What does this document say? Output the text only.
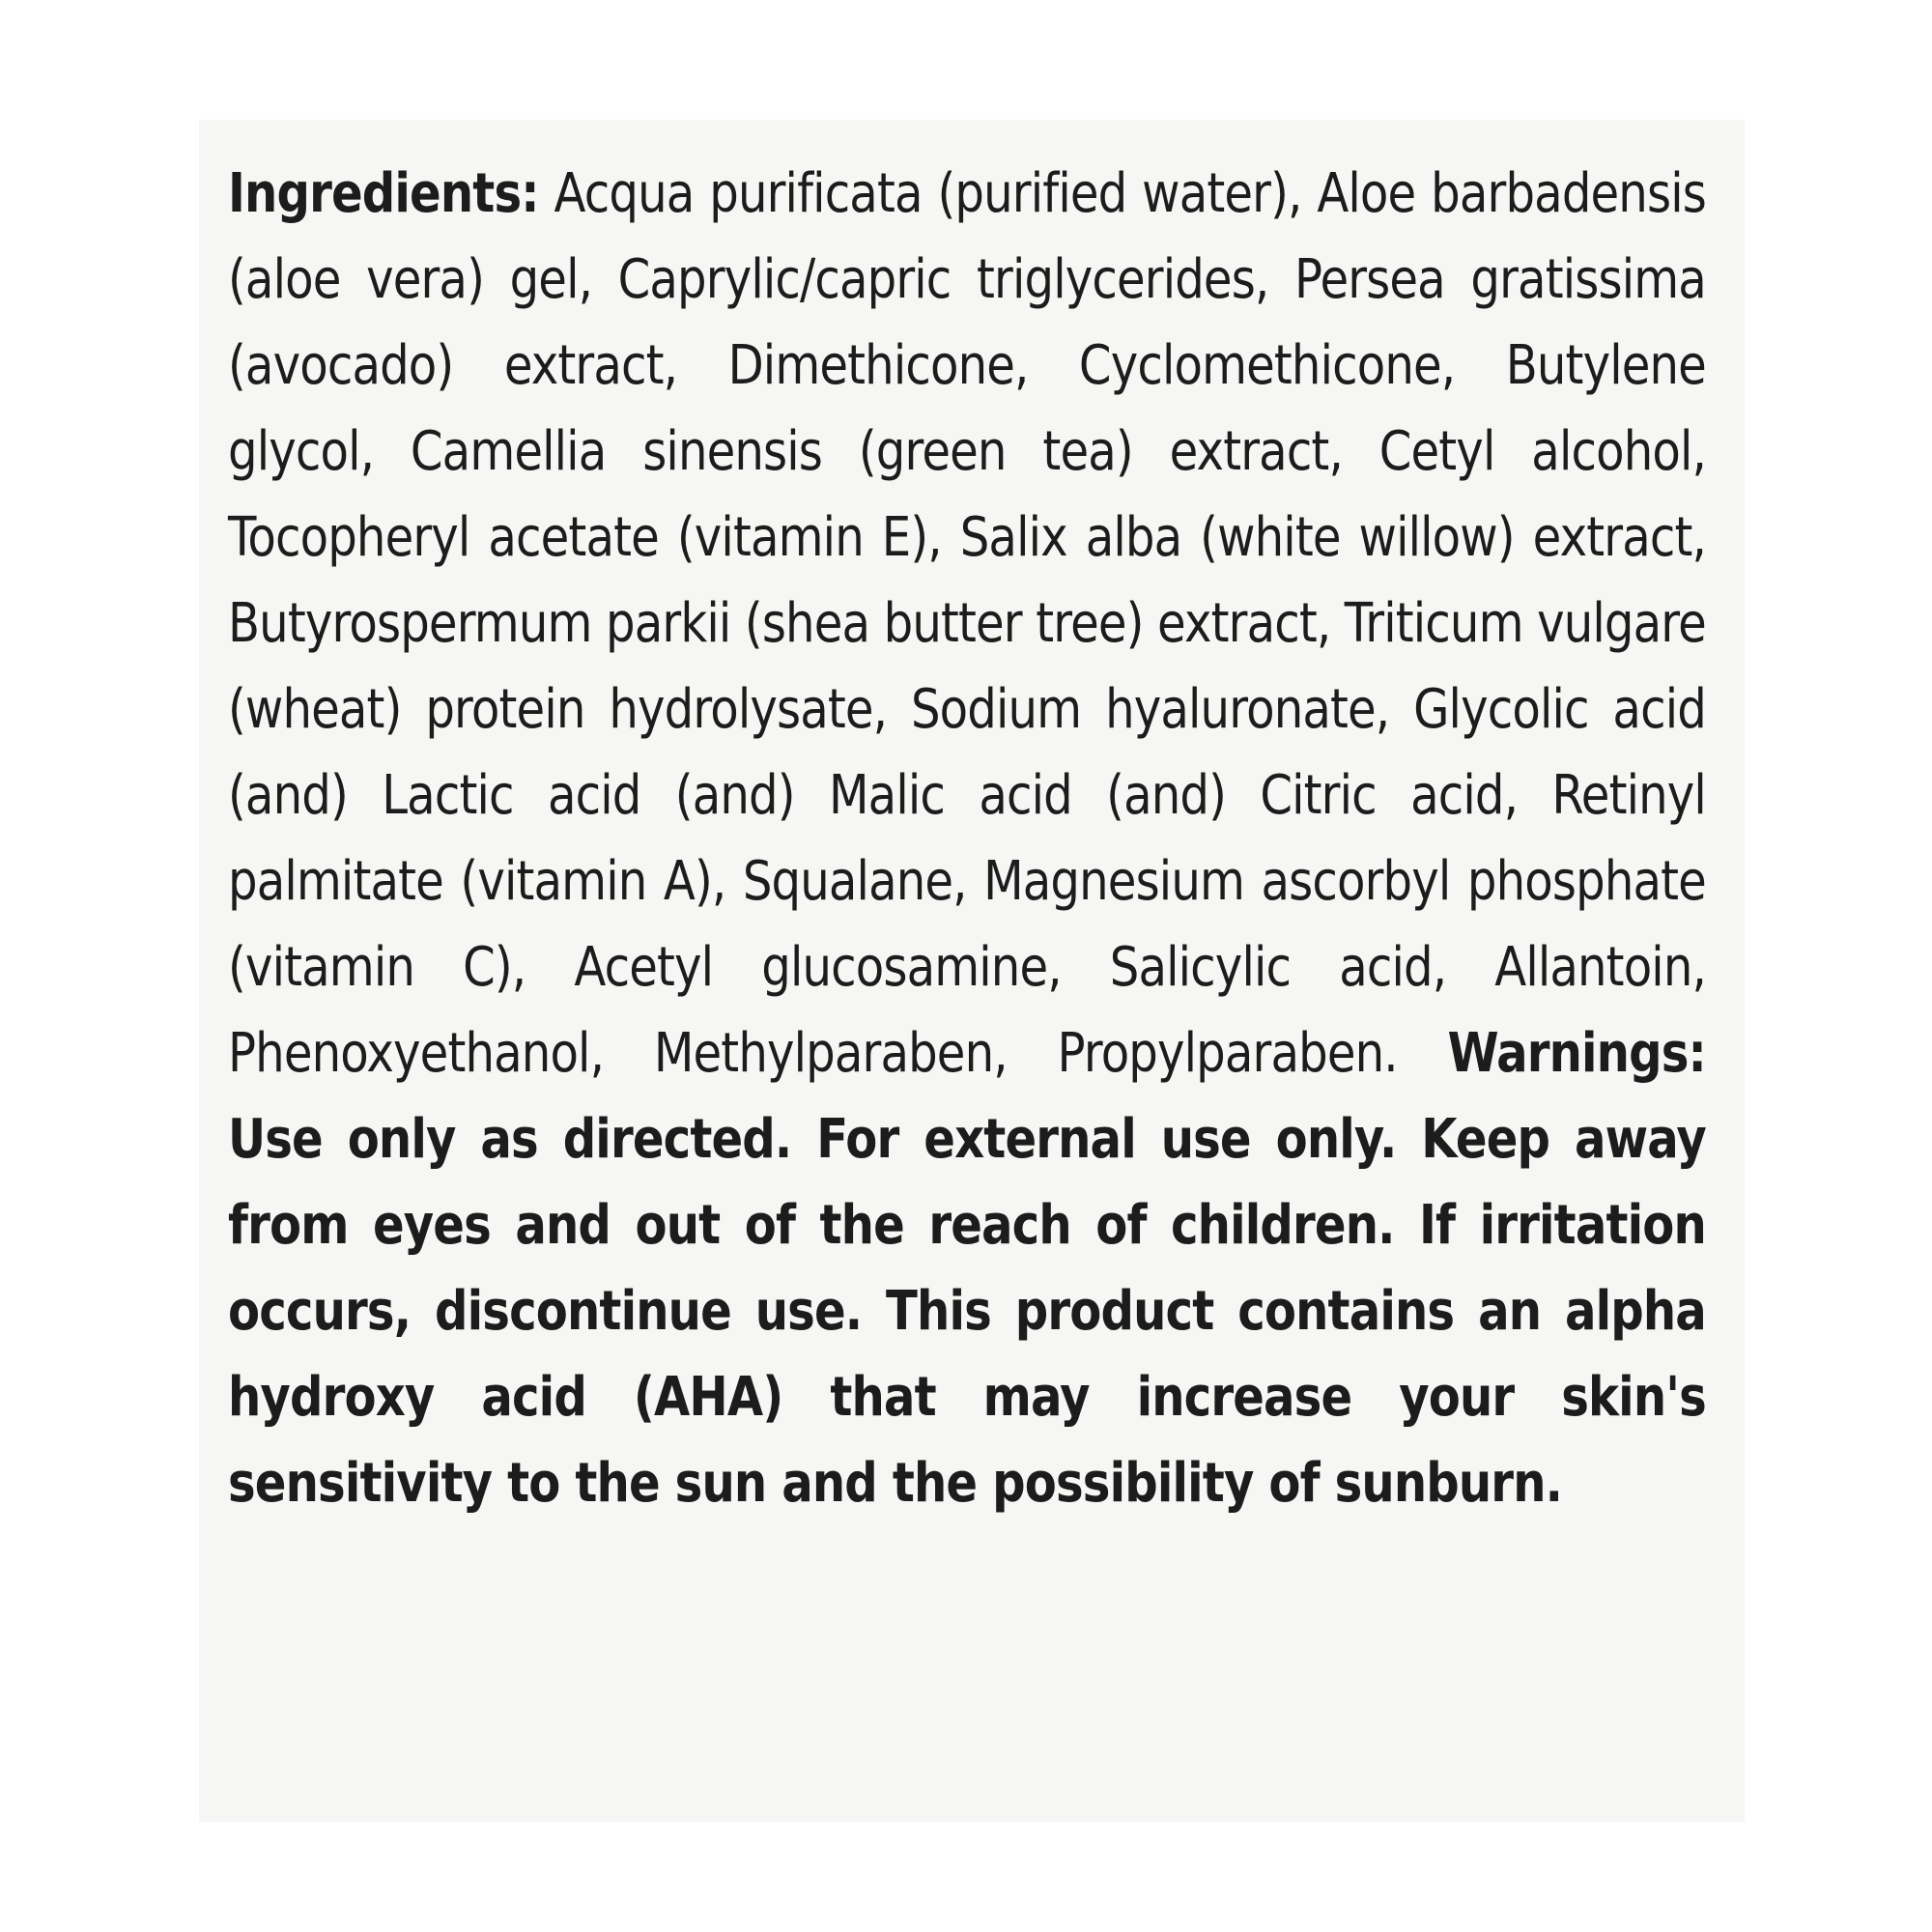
Ingredients: Acqua purificata (purified water), Aloe barbadensis (aloe vera) gel, Caprylic/capric triglycerides, Persea gratissima (avocado) extract, Dimethicone, Cyclomethicone, Butylene glycol, Camellia sinensis (green tea) extract, Cetyl alcohol, Tocopheryl acetate (vitamin E), Salix alba (white willow) extract, Butyrospermum parkii (shea butter tree) extract, Triticum vulgare (wheat) protein hydrolysate, Sodium hyaluronate, Glycolic acid (and) Lactic acid (and) Malic acid (and) Citric acid, Retinyl palmitate (vitamin A), Squalane, Magnesium ascorbyl phosphate (vitamin C), Acetyl glucosamine, Salicylic acid, Allantoin, Phenoxyethanol, Methylparaben, Propylparaben. Warnings: Use only as directed. For external use only. Keep away from eyes and out of the reach of children. If irritation occurs, discontinue use. This product contains an alpha hydroxy acid (AHA) that may increase your skin's sensitivity to the sun and the possibility of sunburn.
